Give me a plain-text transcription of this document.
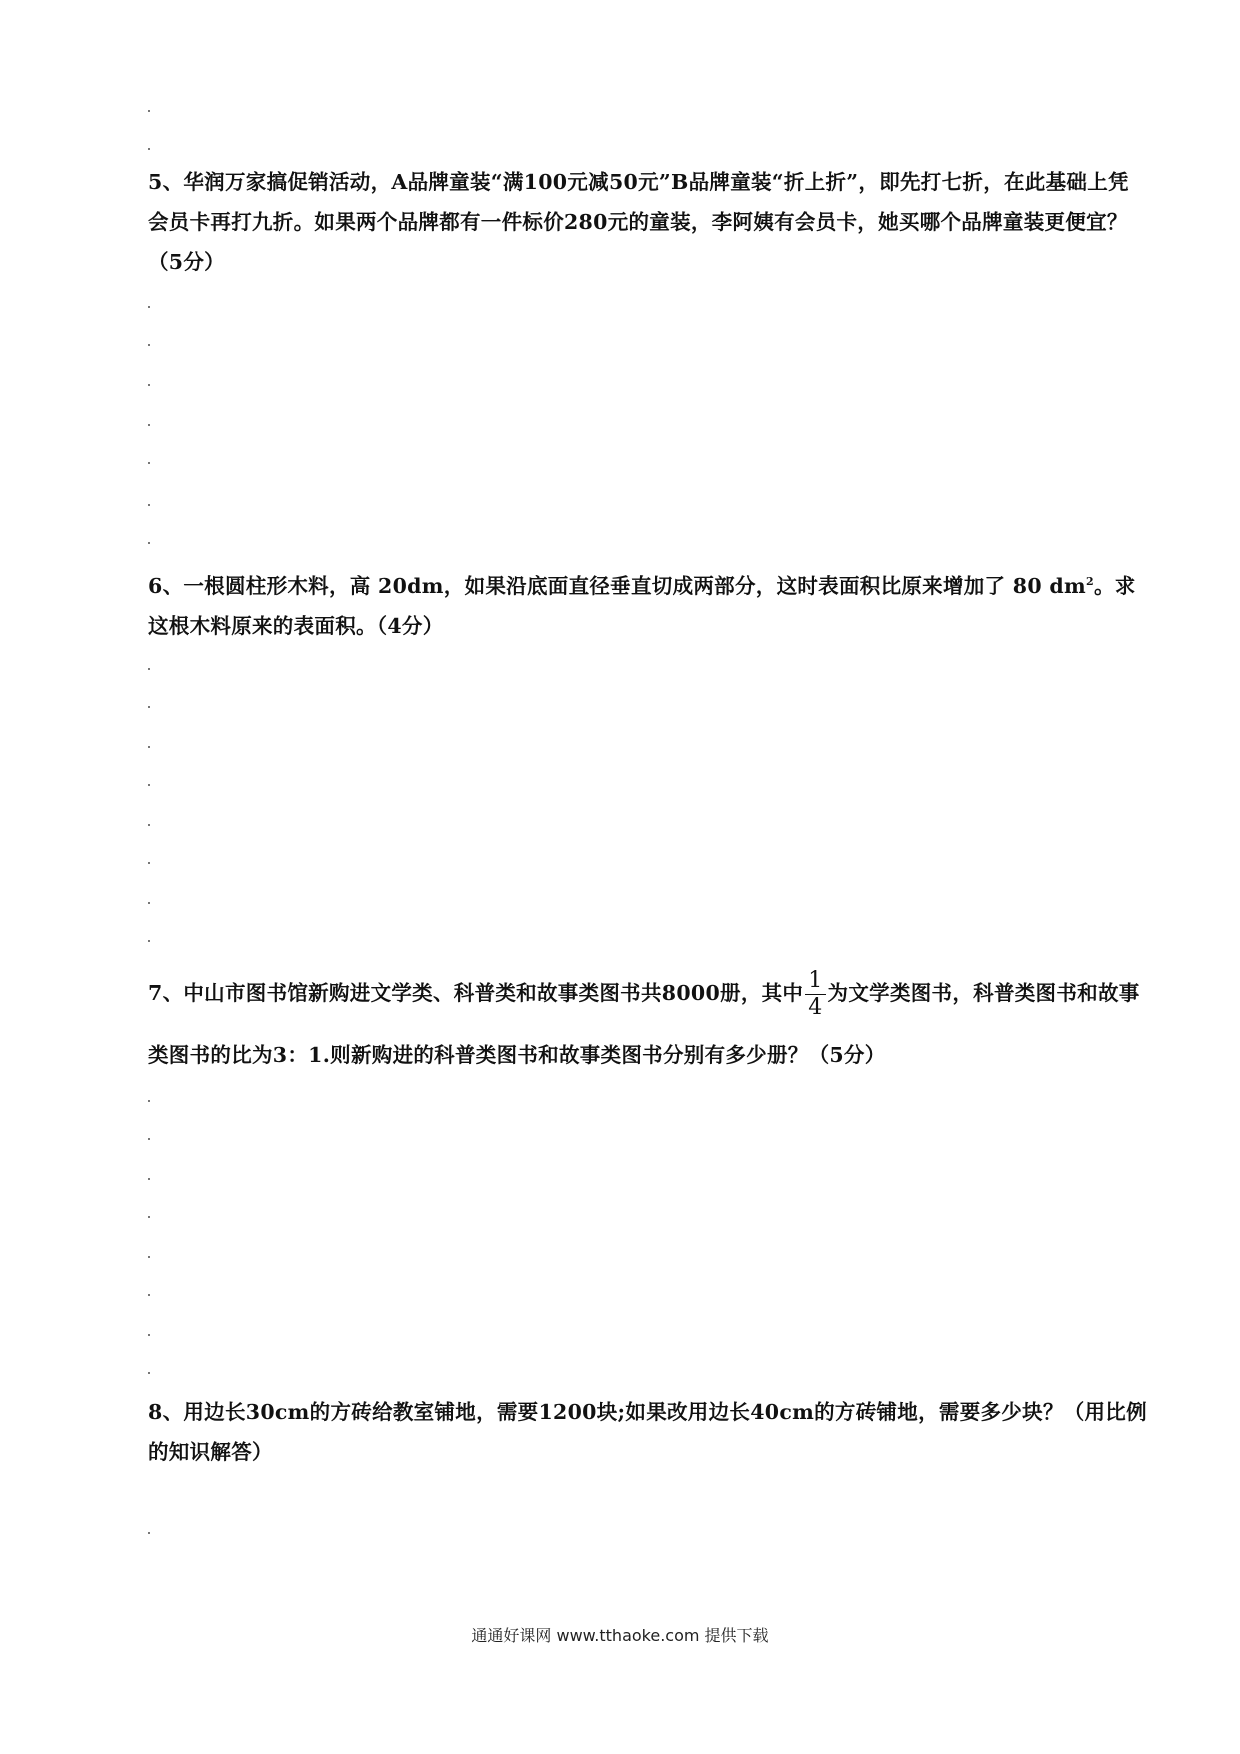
5、华润万家搞促销活动，A品牌童装“满100元减50元”B品牌童装“折上折”，即先打七折，在此基础上凭会员卡再打九折。如果两个品牌都有一件标价280元的童装，李阿姨有会员卡，她买哪个品牌童装更便宜？（5分）
6、一根圆柱形木料，高 20dm，如果沿底面直径垂直切成两部分，这时表面积比原来增加了 80 $dm^2$。求这根木料原来的表面积。（4分）
7、中山市图书馆新购进文学类、科普类和故事类图书共8000册，其中 $\frac{1}{4}$ 为文学类图书，科普类图书和故事类图书的比为3：1.则新购进的科普类图书和故事类图书分别有多少册？（5分）
8、用边长30cm的方砖给教室铺地，需要1200块;如果改用边长40cm的方砖铺地，需要多少块？（用比例的知识解答）
通通好课网 www.tthaoke.com 提供下载
